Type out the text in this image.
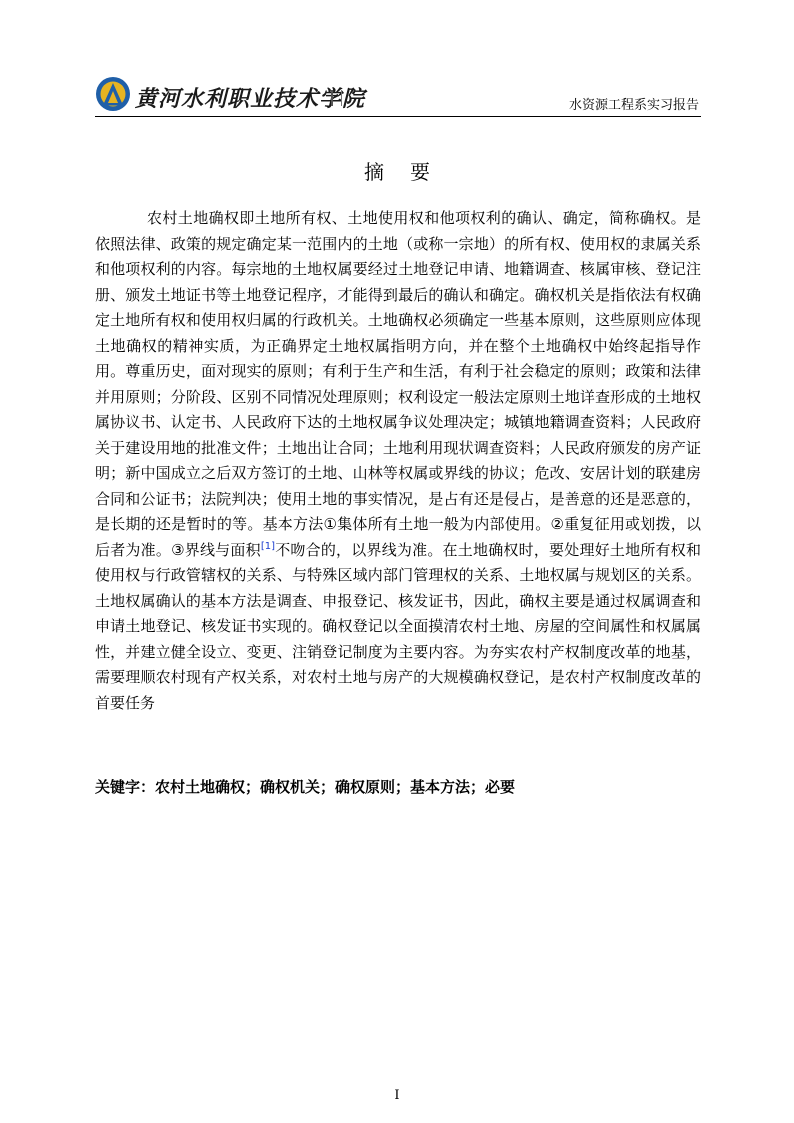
黄河水利职业技术学院	水资源工程系实习报告
摘要

农村土地确权即土地所有权、土地使用权和他项权利的确认、确定，简称确权。是依照法律、政策的规定确定某一范围内的土地（或称一宗地）的所有权、使用权的隶属关系和他项权利的内容。每宗地的土地权属要经过土地登记申请、地籍调查、核属审核、登记注册、颁发土地证书等土地登记程序，才能得到最后的确认和确定。确权机关是指依法有权确定土地所有权和使用权归属的行政机关。土地确权必须确定一些基本原则，这些原则应体现土地确权的精神实质，为正确界定土地权属指明方向，并在整个土地确权中始终起指导作用。尊重历史，面对现实的原则；有利于生产和生活，有利于社会稳定的原则；政策和法律并用原则；分阶段、区别不同情况处理原则；权利设定一般法定原则土地详查形成的土地权属协议书、认定书、人民政府下达的土地权属争议处理决定；城镇地籍调查资料；人民政府关于建设用地的批准文件；土地出让合同；土地利用现状调查资料；人民政府颁发的房产证明；新中国成立之后双方签订的土地、山林等权属或界线的协议；危改、安居计划的联建房合同和公证书；法院判决；使用土地的事实情况，是占有还是侵占，是善意的还是恶意的，是长期的还是暂时的等。基本方法①集体所有土地一般为内部使用。②重复征用或划拨，以后者为准。③界线与面积[1]不吻合的，以界线为准。在土地确权时，要处理好土地所有权和使用权与行政管辖权的关系、与特殊区域内部门管理权的关系、土地权属与规划区的关系。土地权属确认的基本方法是调查、申报登记、核发证书，因此，确权主要是通过权属调查和申请土地登记、核发证书实现的。确权登记以全面摸清农村土地、房屋的空间属性和权属属性，并建立健全设立、变更、注销登记制度为主要内容。为夯实农村产权制度改革的地基，需要理顺农村现有产权关系，对农村土地与房产的大规模确权登记，是农村产权制度改革的首要任务

关键字：农村土地确权；确权机关；确权原则；基本方法；必要

I
